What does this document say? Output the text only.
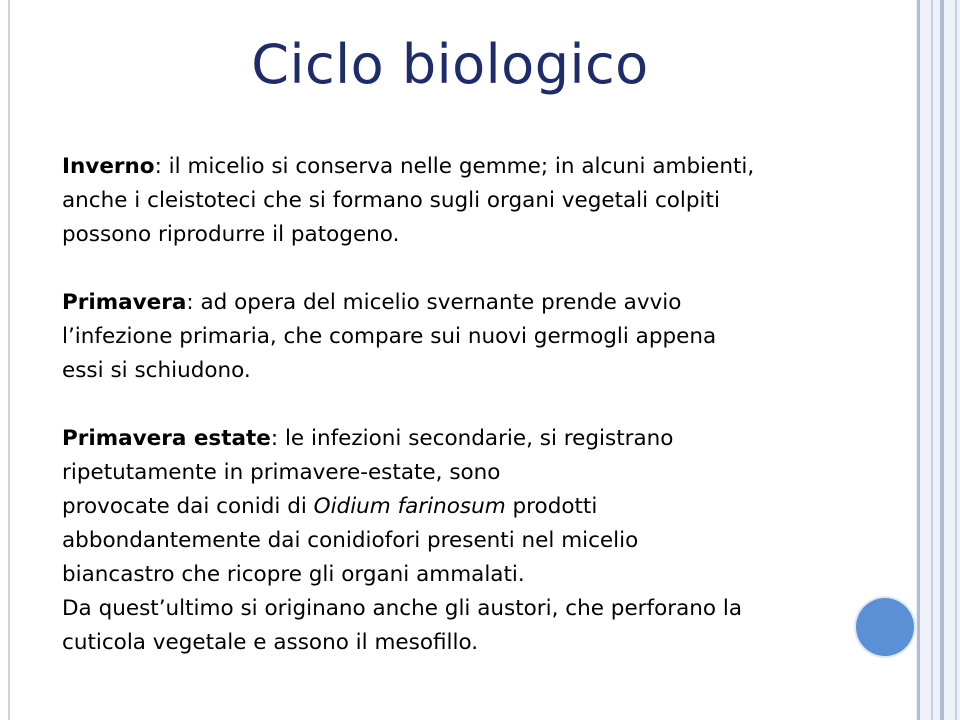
Ciclo biologico

Inverno: il micelio si conserva nelle gemme; in alcuni ambienti,
anche i cleistoteci che si formano sugli organi vegetali colpiti
possono riprodurre il patogeno.

Primavera: ad opera del micelio svernante prende avvio
l’infezione primaria, che compare sui nuovi germogli appena
essi si schiudono.

Primavera estate: le infezioni secondarie, si registrano
ripetutamente in primavere-estate, sono
provocate dai conidi di Oidium farinosum prodotti
abbondantemente dai conidiofori presenti nel micelio
biancastro che ricopre gli organi ammalati.
Da quest’ultimo si originano anche gli austori, che perforano la
cuticola vegetale e assono il mesofillo.
